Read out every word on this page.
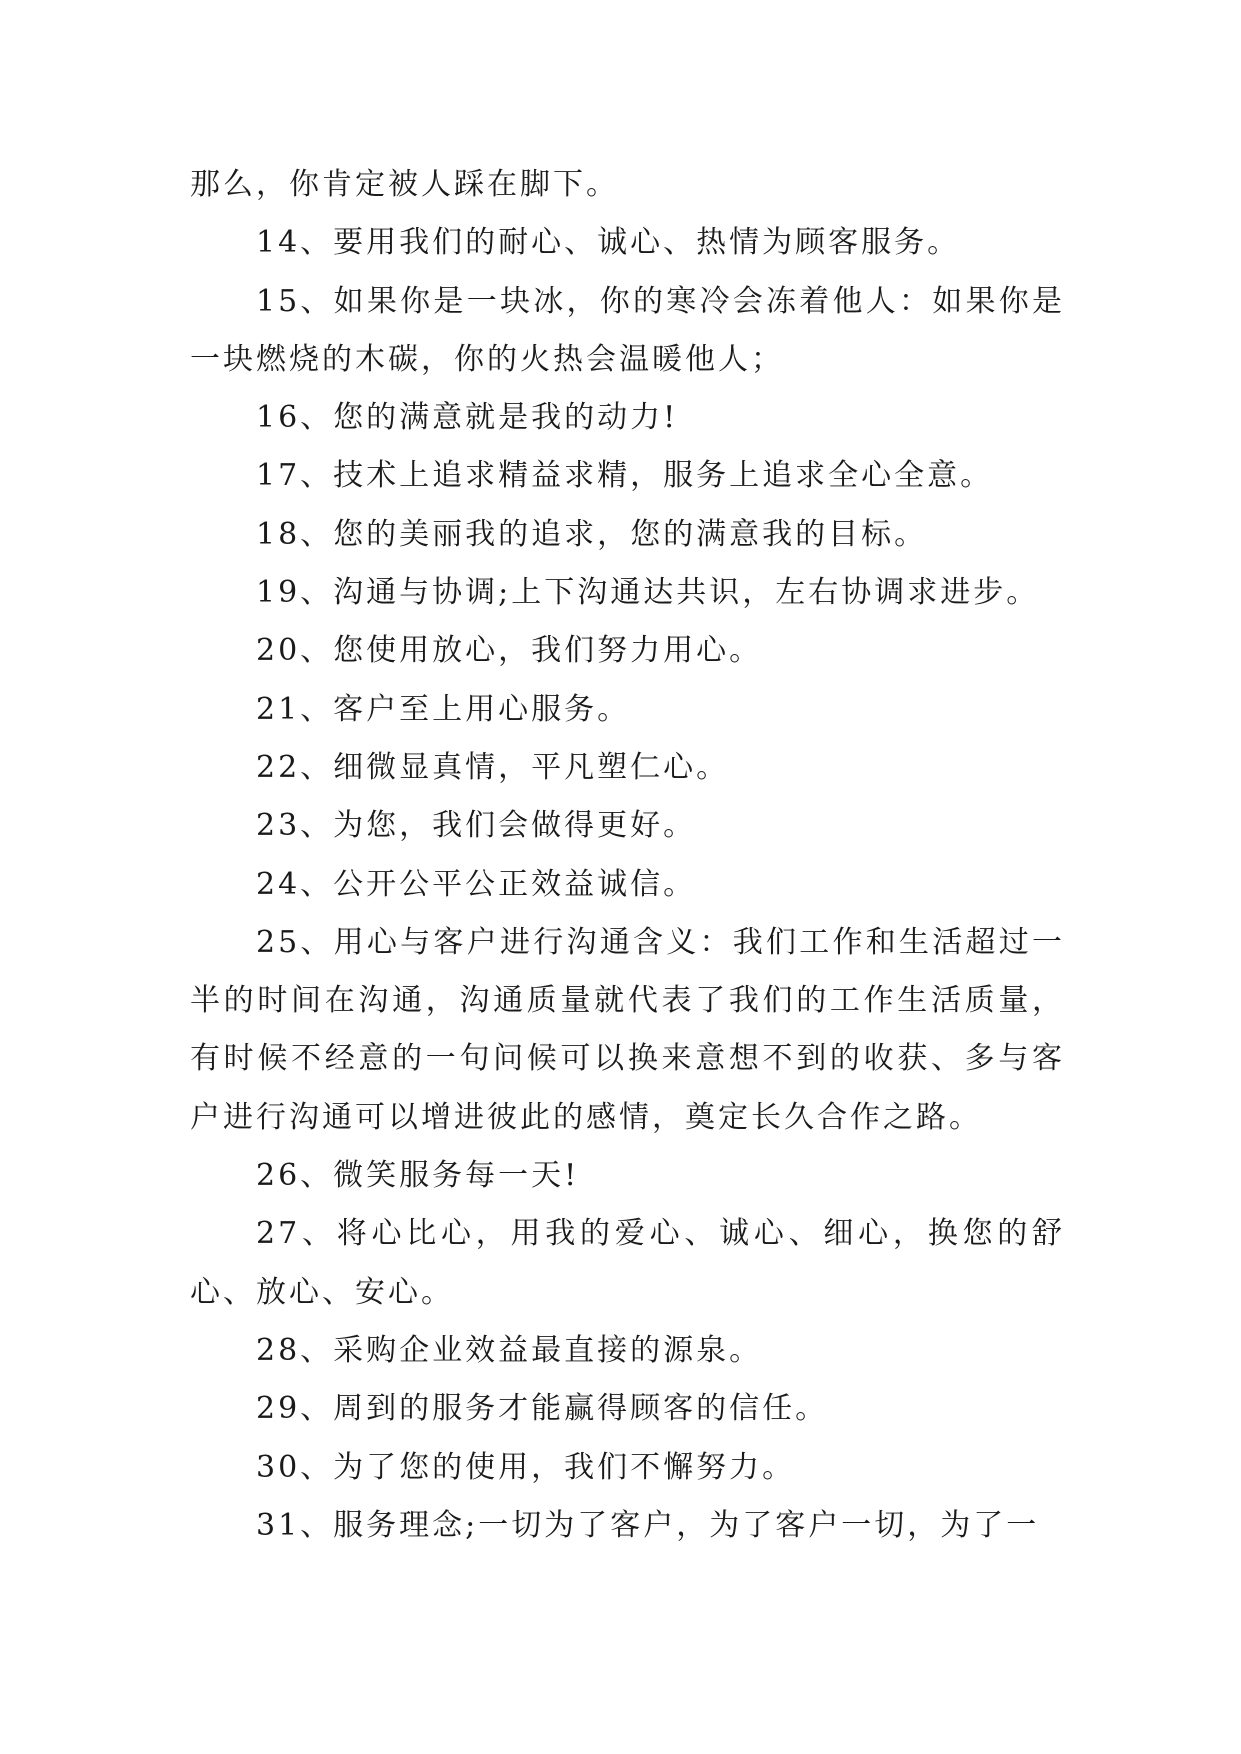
那么，你肯定被人踩在脚下。

14、要用我们的耐心、诚心、热情为顾客服务。

15、如果你是一块冰，你的寒冷会冻着他人：如果你是一块燃烧的木碳，你的火热会温暖他人；

16、您的满意就是我的动力!

17、技术上追求精益求精，服务上追求全心全意。

18、您的美丽我的追求，您的满意我的目标。

19、沟通与协调;上下沟通达共识，左右协调求进步。

20、您使用放心，我们努力用心。

21、客户至上用心服务。

22、细微显真情，平凡塑仁心。

23、为您，我们会做得更好。

24、公开公平公正效益诚信。

25、用心与客户进行沟通含义：我们工作和生活超过一半的时间在沟通，沟通质量就代表了我们的工作生活质量，有时候不经意的一句问候可以换来意想不到的收获、多与客户进行沟通可以增进彼此的感情，奠定长久合作之路。

26、微笑服务每一天!

27、将心比心，用我的爱心、诚心、细心，换您的舒心、放心、安心。

28、采购企业效益最直接的源泉。

29、周到的服务才能赢得顾客的信任。

30、为了您的使用，我们不懈努力。

31、服务理念;一切为了客户，为了客户一切，为了一
